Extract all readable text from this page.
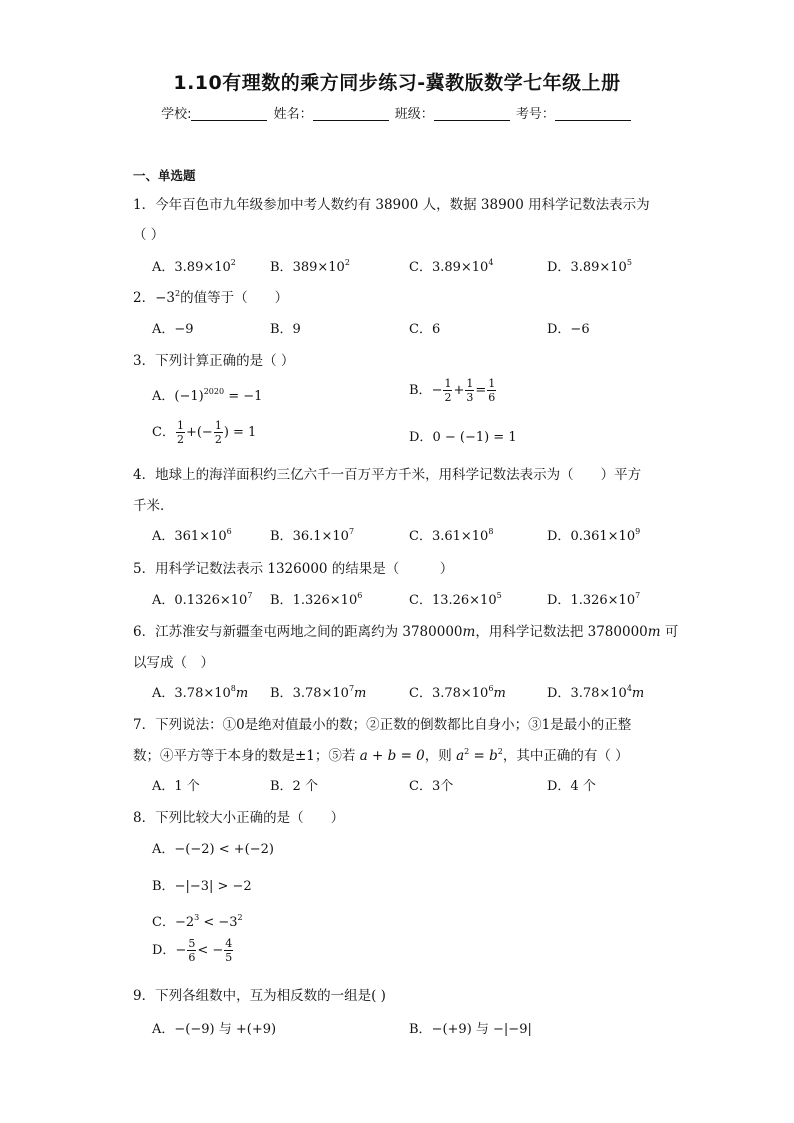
1.10有理数的乘方同步练习-冀教版数学七年级上册
学校:	姓名：	班级：	考号：
一、单选题
1．今年百色市九年级参加中考人数约有 38900 人，数据 38900 用科学记数法表示为
（ ）
A．$3.89\times 10^2$	B．$389\times 10^2$	C．$3.89\times 10^4$	D．$3.89\times 10^5$
2．$-3^2$的值等于（　　）
A．−9	B．9	C．6	D．−6
3．下列计算正确的是（ ）
A．$(-1)^{2020} = -1$	B．− $\frac{1}{2} + \frac{1}{3} = \frac{1}{6}$
C． $\frac{1}{2}$ +(− $\frac{1}{2}$ ) = 1	D．0 − (−1) = 1
4．地球上的海洋面积约三亿六千一百万平方千米，用科学记数法表示为（　　）平方
千米．
A．$361\times 10^6$	B．$36.1\times 10^7$	C．$3.61\times 10^8$	D．$0.361\times 10^9$
5．用科学记数法表示 1326000 的结果是（　　　）
A．$0.1326\times 10^7$ B．$1.326\times 10^6$	C．$13.26\times 10^5$	D．$1.326\times 10^7$
6．江苏淮安与新疆奎屯两地之间的距离约为 3780000m，用科学记数法把 3780000m 可
以写成（　）
A．$3.78\times 10^8m$ B．$3.78\times 10^7m$	C．$3.78\times 10^6m$	D．$3.78\times 10^4m$
7．下列说法：①0是绝对值最小的数；②正数的倒数都比自身小；③1是最小的正整
数；④平方等于本身的数是±1；⑤若 a + b = 0，则 $a^2 = b^2$，其中正确的有（ ）
A．1 个	B．2 个	C．3个	D．4 个
8．下列比较大小正确的是（　　）
A．−(−2) < +(−2)
B．−|−3| > −2
C．$-2^3 < -3^2$
D．− $\frac{5}{6}$ < − $\frac{4}{5}$
9．下列各组数中，互为相反数的一组是( )
A．−(−9) 与 +(+9)	B．−(+9) 与 −|−9|
